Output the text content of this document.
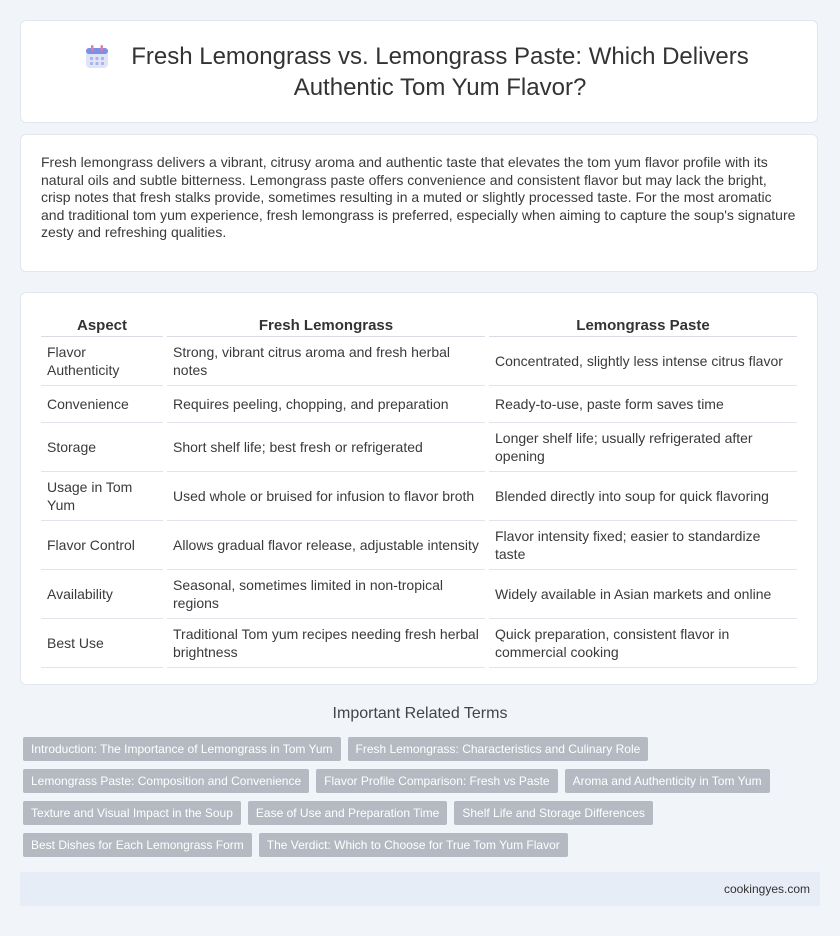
Fresh Lemongrass vs. Lemongrass Paste: Which Delivers Authentic Tom Yum Flavor?

Fresh lemongrass delivers a vibrant, citrusy aroma and authentic taste that elevates the tom yum flavor profile with its natural oils and subtle bitterness. Lemongrass paste offers convenience and consistent flavor but may lack the bright, crisp notes that fresh stalks provide, sometimes resulting in a muted or slightly processed taste. For the most aromatic and traditional tom yum experience, fresh lemongrass is preferred, especially when aiming to capture the soup's signature zesty and refreshing qualities.

Aspect	Fresh Lemongrass	Lemongrass Paste
Flavor Authenticity	Strong, vibrant citrus aroma and fresh herbal notes	Concentrated, slightly less intense citrus flavor
Convenience	Requires peeling, chopping, and preparation	Ready-to-use, paste form saves time
Storage	Short shelf life; best fresh or refrigerated	Longer shelf life; usually refrigerated after opening
Usage in Tom Yum	Used whole or bruised for infusion to flavor broth	Blended directly into soup for quick flavoring
Flavor Control	Allows gradual flavor release, adjustable intensity	Flavor intensity fixed; easier to standardize taste
Availability	Seasonal, sometimes limited in non-tropical regions	Widely available in Asian markets and online
Best Use	Traditional Tom yum recipes needing fresh herbal brightness	Quick preparation, consistent flavor in commercial cooking
Important Related Terms
Introduction: The Importance of Lemongrass in Tom Yum	Fresh Lemongrass: Characteristics and Culinary Role
Lemongrass Paste: Composition and Convenience	Flavor Profile Comparison: Fresh vs Paste	Aroma and Authenticity in Tom Yum
Texture and Visual Impact in the Soup	Ease of Use and Preparation Time	Shelf Life and Storage Differences
Best Dishes for Each Lemongrass Form	The Verdict: Which to Choose for True Tom Yum Flavor
cookingyes.com
